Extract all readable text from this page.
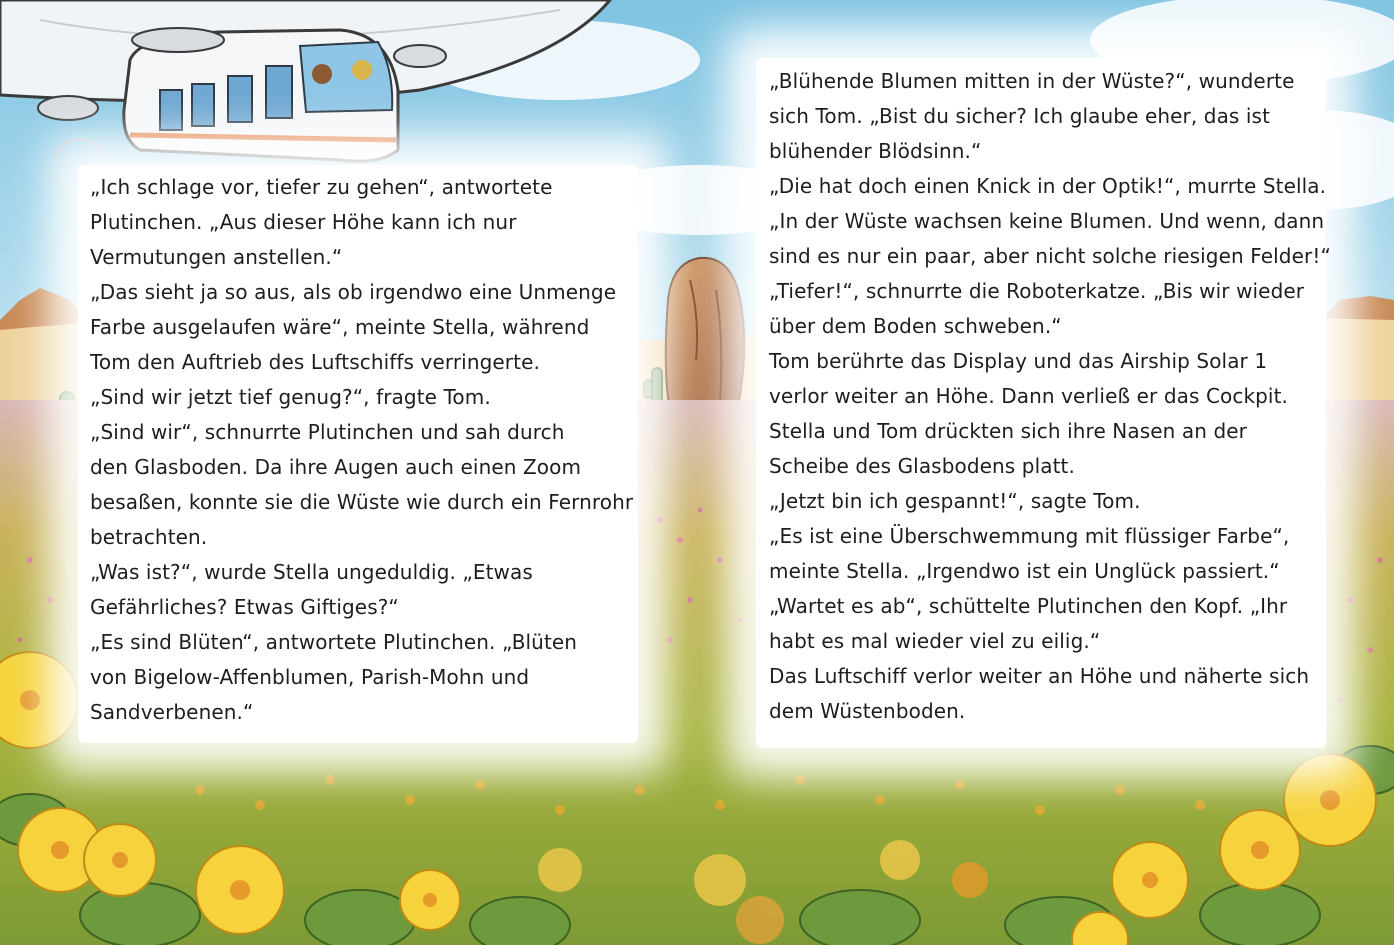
„Ich schlage vor, tiefer zu gehen“, antwortete
Plutinchen. „Aus dieser Höhe kann ich nur
Vermutungen anstellen.“
„Das sieht ja so aus, als ob irgendwo eine Unmenge
Farbe ausgelaufen wäre“, meinte Stella, während
Tom den Auftrieb des Luftschiffs verringerte.
„Sind wir jetzt tief genug?“, fragte Tom.
„Sind wir“, schnurrte Plutinchen und sah durch
den Glasboden. Da ihre Augen auch einen Zoom
besaßen, konnte sie die Wüste wie durch ein Fernrohr
betrachten.
„Was ist?“, wurde Stella ungeduldig. „Etwas
Gefährliches? Etwas Giftiges?“
„Es sind Blüten“, antwortete Plutinchen. „Blüten
von Bigelow-Affenblumen, Parish-Mohn und
Sandverbenen.“
„Blühende Blumen mitten in der Wüste?“, wunderte
sich Tom. „Bist du sicher? Ich glaube eher, das ist
blühender Blödsinn.“
„Die hat doch einen Knick in der Optik!“, murrte Stella.
„In der Wüste wachsen keine Blumen. Und wenn, dann
sind es nur ein paar, aber nicht solche riesigen Felder!“
„Tiefer!“, schnurrte die Roboterkatze. „Bis wir wieder
über dem Boden schweben.“
Tom berührte das Display und das Airship Solar 1
verlor weiter an Höhe. Dann verließ er das Cockpit.
Stella und Tom drückten sich ihre Nasen an der
Scheibe des Glasbodens platt.
„Jetzt bin ich gespannt!“, sagte Tom.
„Es ist eine Überschwemmung mit flüssiger Farbe“,
meinte Stella. „Irgendwo ist ein Unglück passiert.“
„Wartet es ab“, schüttelte Plutinchen den Kopf. „Ihr
habt es mal wieder viel zu eilig.“
Das Luftschiff verlor weiter an Höhe und näherte sich
dem Wüstenboden.
